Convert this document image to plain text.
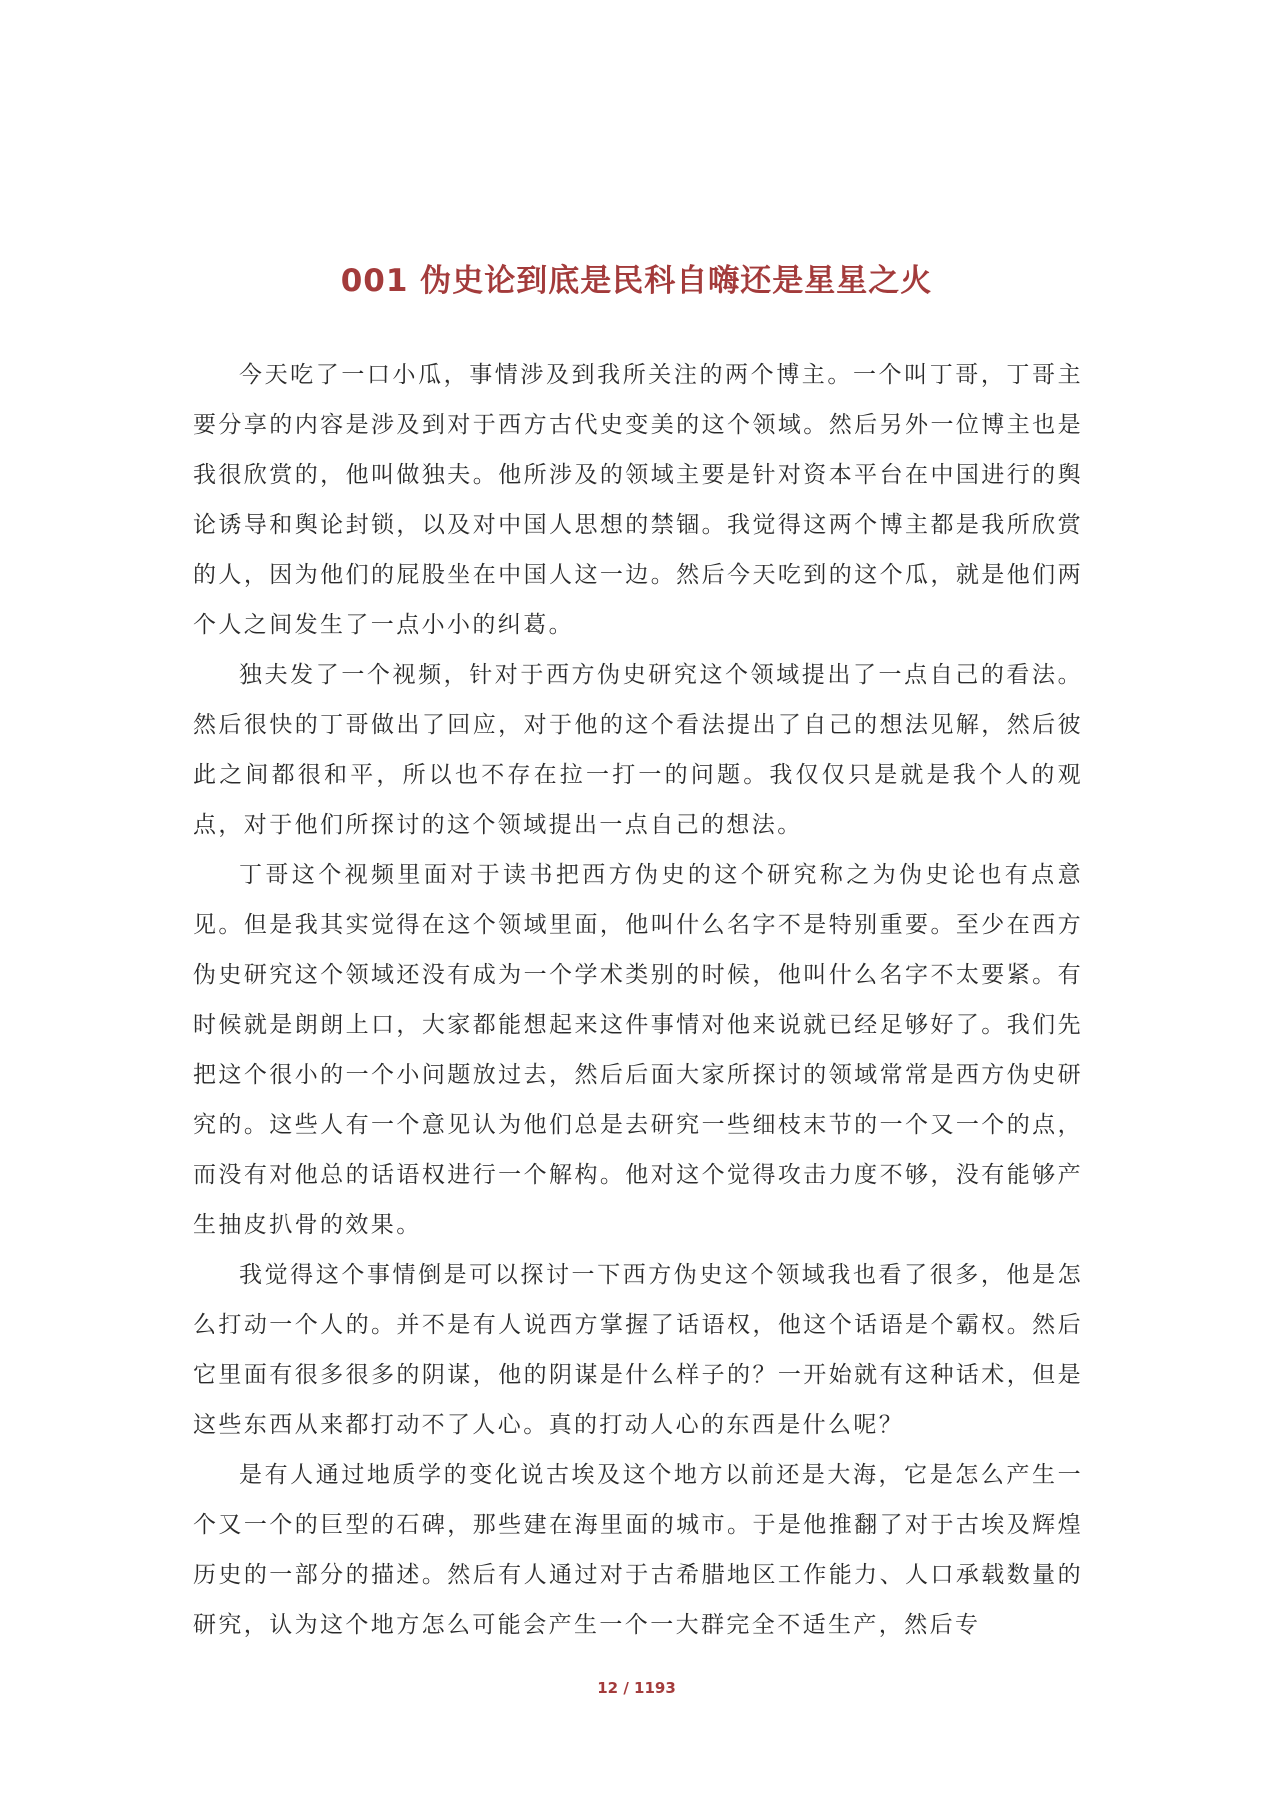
001 伪史论到底是民科自嗨还是星星之火

今天吃了一口小瓜，事情涉及到我所关注的两个博主。一个叫丁哥，丁哥主要分享的内容是涉及到对于西方古代史变美的这个领域。然后另外一位博主也是我很欣赏的，他叫做独夫。他所涉及的领域主要是针对资本平台在中国进行的舆论诱导和舆论封锁，以及对中国人思想的禁锢。我觉得这两个博主都是我所欣赏的人，因为他们的屁股坐在中国人这一边。然后今天吃到的这个瓜，就是他们两个人之间发生了一点小小的纠葛。

独夫发了一个视频，针对于西方伪史研究这个领域提出了一点自己的看法。然后很快的丁哥做出了回应，对于他的这个看法提出了自己的想法见解，然后彼此之间都很和平，所以也不存在拉一打一的问题。我仅仅只是就是我个人的观点，对于他们所探讨的这个领域提出一点自己的想法。

丁哥这个视频里面对于读书把西方伪史的这个研究称之为伪史论也有点意见。但是我其实觉得在这个领域里面，他叫什么名字不是特别重要。至少在西方伪史研究这个领域还没有成为一个学术类别的时候，他叫什么名字不太要紧。有时候就是朗朗上口，大家都能想起来这件事情对他来说就已经足够好了。我们先把这个很小的一个小问题放过去，然后后面大家所探讨的领域常常是西方伪史研究的。这些人有一个意见认为他们总是去研究一些细枝末节的一个又一个的点，而没有对他总的话语权进行一个解构。他对这个觉得攻击力度不够，没有能够产生抽皮扒骨的效果。

我觉得这个事情倒是可以探讨一下西方伪史这个领域我也看了很多，他是怎么打动一个人的。并不是有人说西方掌握了话语权，他这个话语是个霸权。然后它里面有很多很多的阴谋，他的阴谋是什么样子的？一开始就有这种话术，但是这些东西从来都打动不了人心。真的打动人心的东西是什么呢？

是有人通过地质学的变化说古埃及这个地方以前还是大海，它是怎么产生一个又一个的巨型的石碑，那些建在海里面的城市。于是他推翻了对于古埃及辉煌历史的一部分的描述。然后有人通过对于古希腊地区工作能力、人口承载数量的研究，认为这个地方怎么可能会产生一个一大群完全不适生产，然后专

12 / 1193
